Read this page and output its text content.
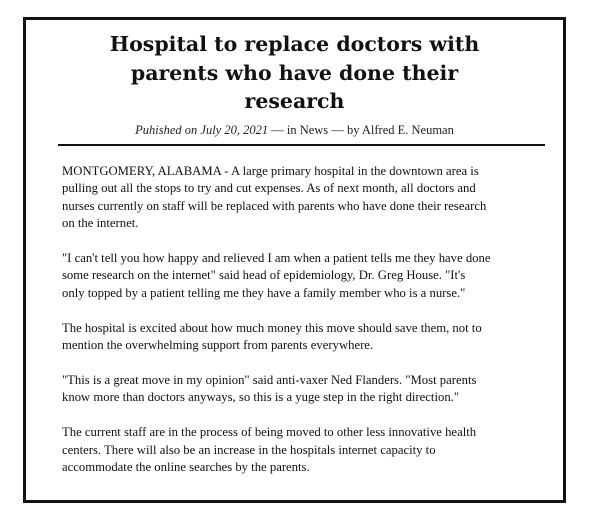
Hospital to replace doctors with
parents who have done their
research
Puhished on July 20, 2021 — in News — by Alfred E. Neuman

MONTGOMERY, ALABAMA - A large primary hospital in the downtown area is
pulling out all the stops to try and cut expenses. As of next month, all doctors and
nurses currently on staff will be replaced with parents who have done their research
on the internet.

"I can't tell you how happy and relieved I am when a patient tells me they have done
some research on the internet" said head of epidemiology, Dr. Greg House. "It's
only topped by a patient telling me they have a family member who is a nurse."

The hospital is excited about how much money this move should save them, not to
mention the overwhelming support from parents everywhere.

"This is a great move in my opinion" said anti-vaxer Ned Flanders. "Most parents
know more than doctors anyways, so this is a yuge step in the right direction."

The current staff are in the process of being moved to other less innovative health
centers. There will also be an increase in the hospitals internet capacity to
accommodate the online searches by the parents.
